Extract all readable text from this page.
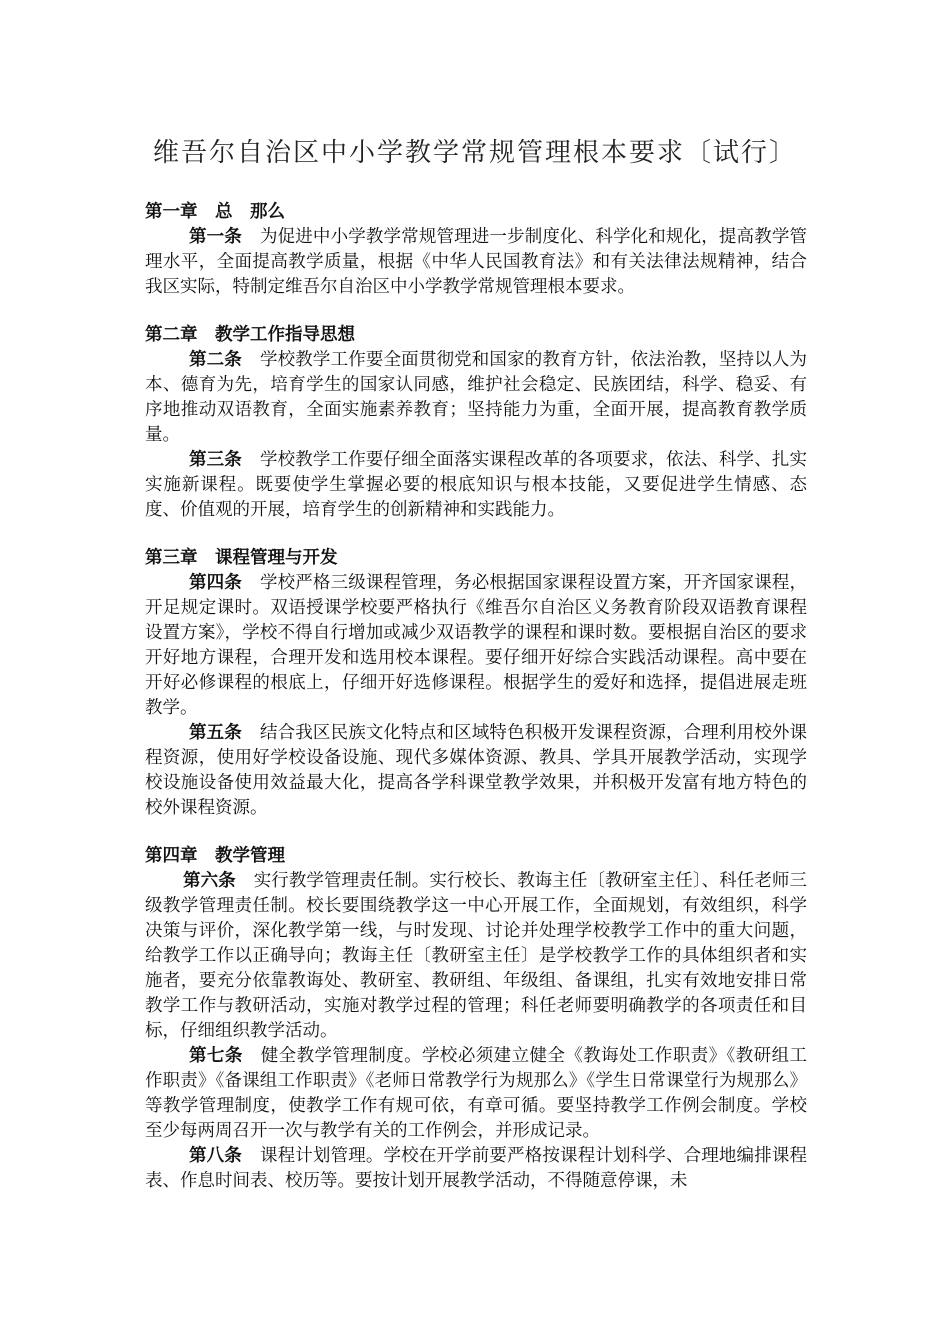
维吾尔自治区中小学教学常规管理根本要求〔试行〕
第一章　总　那么

第一条 为促进中小学教学常规管理进一步制度化、科学化和规化，提高教学管理水平，全面提高教学质量，根据《中华人民国教育法》和有关法律法规精神，结合我区实际，特制定维吾尔自治区中小学教学常规管理根本要求。

第二章　教学工作指导思想

第二条 学校教学工作要全面贯彻党和国家的教育方针，依法治教，坚持以人为本、德育为先，培育学生的国家认同感，维护社会稳定、民族团结，科学、稳妥、有序地推动双语教育，全面实施素养教育；坚持能力为重，全面开展，提高教育教学质量。

第三条 学校教学工作要仔细全面落实课程改革的各项要求，依法、科学、扎实实施新课程。既要使学生掌握必要的根底知识与根本技能，又要促进学生情感、态度、价值观的开展，培育学生的创新精神和实践能力。

第三章　课程管理与开发

第四条 学校严格三级课程管理，务必根据国家课程设置方案，开齐国家课程，开足规定课时。双语授课学校要严格执行《维吾尔自治区义务教育阶段双语教育课程设置方案》，学校不得自行增加或减少双语教学的课程和课时数。要根据自治区的要求开好地方课程，合理开发和选用校本课程。要仔细开好综合实践活动课程。高中要在开好必修课程的根底上，仔细开好选修课程。根据学生的爱好和选择，提倡进展走班教学。

第五条 结合我区民族文化特点和区域特色积极开发课程资源，合理利用校外课程资源，使用好学校设备设施、现代多媒体资源、教具、学具开展教学活动，实现学校设施设备使用效益最大化，提高各学科课堂教学效果，并积极开发富有地方特色的校外课程资源。

第四章　教学管理

第六条 实行教学管理责任制。实行校长、教诲主任〔教研室主任〕、科任老师三级教学管理责任制。校长要围绕教学这一中心开展工作，全面规划，有效组织，科学决策与评价，深化教学第一线，与时发现、讨论并处理学校教学工作中的重大问题，给教学工作以正确导向；教诲主任〔教研室主任〕是学校教学工作的具体组织者和实施者，要充分依靠教诲处、教研室、教研组、年级组、备课组，扎实有效地安排日常教学工作与教研活动，实施对教学过程的管理；科任老师要明确教学的各项责任和目标，仔细组织教学活动。

第七条 健全教学管理制度。学校必须建立健全《教诲处工作职责》《教研组工作职责》《备课组工作职责》《老师日常教学行为规那么》《学生日常课堂行为规那么》等教学管理制度，使教学工作有规可依，有章可循。要坚持教学工作例会制度。学校至少每两周召开一次与教学有关的工作例会，并形成记录。

第八条 课程计划管理。学校在开学前要严格按课程计划科学、合理地编排课程表、作息时间表、校历等。要按计划开展教学活动，不得随意停课，未
